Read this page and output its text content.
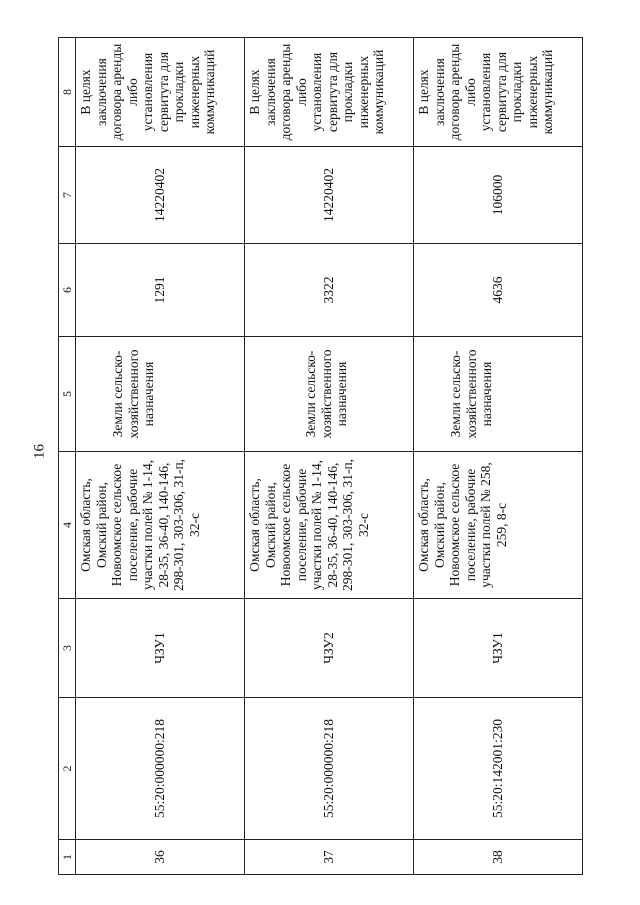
16
1	2	3	4	5	6	7	8
36	55:20:000000:218	ЧЗУ1	Омская область, Омский район, Новоомское сельское поселение, рабочие участки полей № 1-14, 28-35, 36-40, 140-146, 298-301, 303-306, 31-п, 32-с	Земли сельско-хозяйственного назначения	1291	14220402	В целях заключения договора аренды либо установления сервитута для прокладки инженерных коммуникаций
37	55:20:000000:218	ЧЗУ2	Омская область, Омский район, Новоомское сельское поселение, рабочие участки полей № 1-14, 28-35, 36-40, 140-146, 298-301, 303-306, 31-п, 32-с	Земли сельско-хозяйственного назначения	3322	14220402	В целях заключения договора аренды либо установления сервитута для прокладки инженерных коммуникаций
38	55:20:142001:230	ЧЗУ1	Омская область, Омский район, Новоомское сельское поселение, рабочие участки полей № 258, 259, 8-с	Земли сельско-хозяйственного назначения	4636	106000	В целях заключения договора аренды либо установления сервитута для прокладки инженерных коммуникаций
